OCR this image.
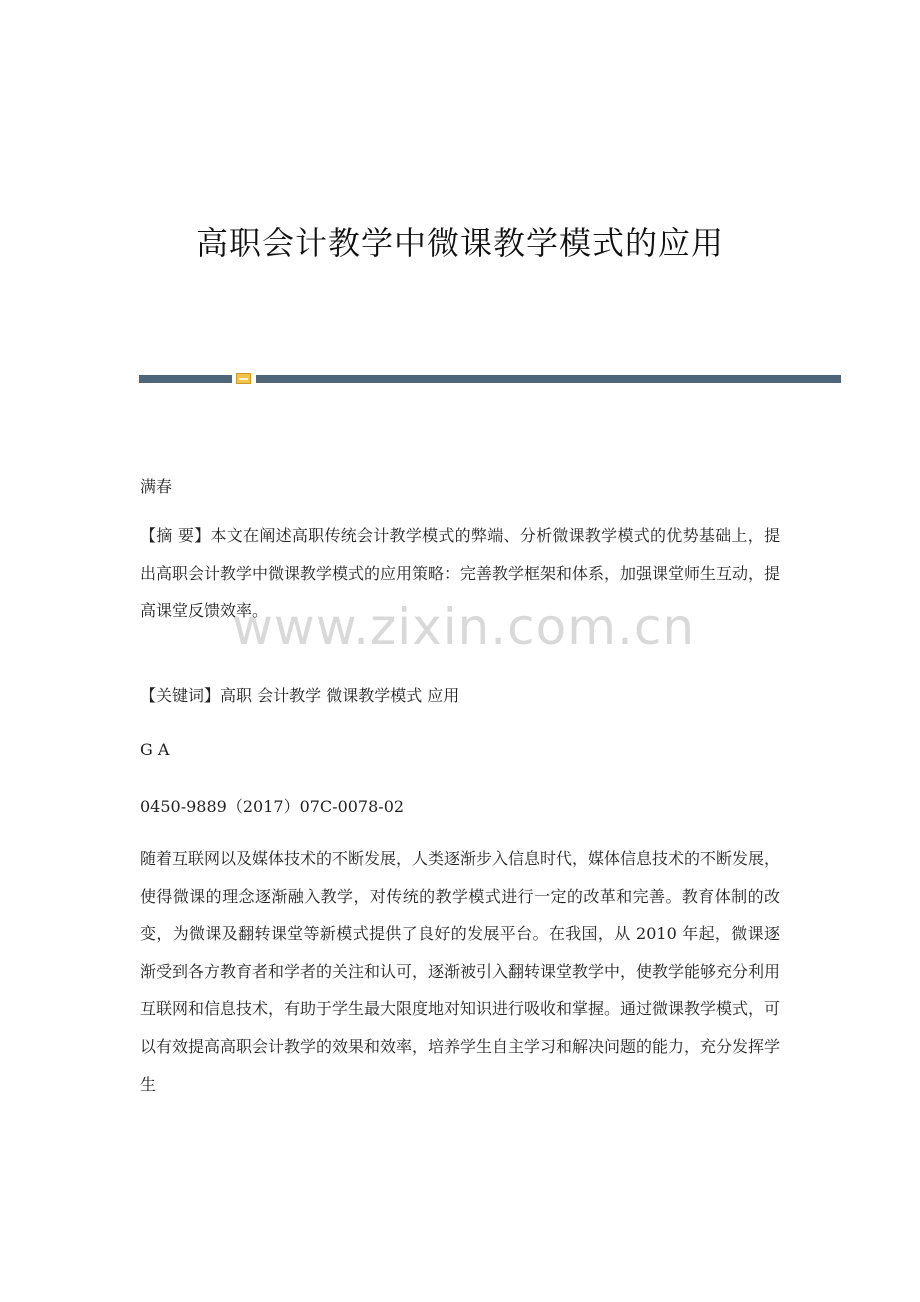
高职会计教学中微课教学模式的应用
www.zixin.com.cn
满春
【摘 要】本文在阐述高职传统会计教学模式的弊端、分析微课教学模式的优势基础上，提出高职会计教学中微课教学模式的应用策略：完善教学框架和体系，加强课堂师生互动，提高课堂反馈效率。
【关键词】高职 会计教学 微课教学模式 应用
G A
0450-9889（2017）07C-0078-02
随着互联网以及媒体技术的不断发展，人类逐渐步入信息时代，媒体信息技术的不断发展，使得微课的理念逐渐融入教学，对传统的教学模式进行一定的改革和完善。教育体制的改变，为微课及翻转课堂等新模式提供了良好的发展平台。在我国，从 2010 年起，微课逐渐受到各方教育者和学者的关注和认可，逐渐被引入翻转课堂教学中，使教学能够充分利用互联网和信息技术，有助于学生最大限度地对知识进行吸收和掌握。通过微课教学模式，可以有效提高高职会计教学的效果和效率，培养学生自主学习和解决问题的能力，充分发挥学生
